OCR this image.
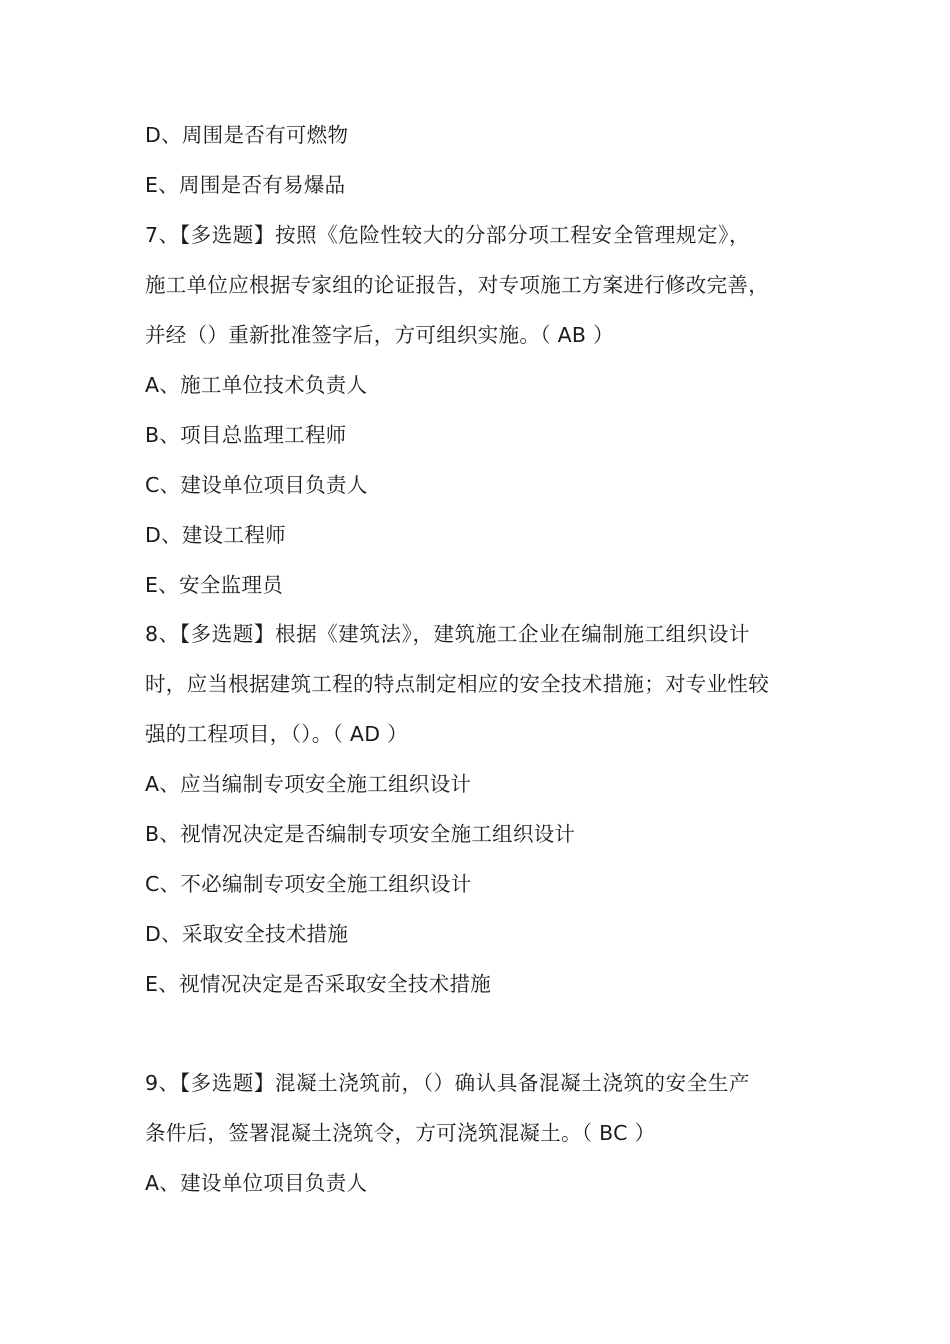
D、周围是否有可燃物
E、周围是否有易爆品
7、【多选题】按照《危险性较大的分部分项工程安全管理规定》，
施工单位应根据专家组的论证报告，对专项施工方案进行修改完善，
并经（）重新批准签字后，方可组织实施。（ AB ）
A、施工单位技术负责人
B、项目总监理工程师
C、建设单位项目负责人
D、建设工程师
E、安全监理员
8、【多选题】根据《建筑法》，建筑施工企业在编制施工组织设计
时，应当根据建筑工程的特点制定相应的安全技术措施；对专业性较
强的工程项目，（）。（ AD ）
A、应当编制专项安全施工组织设计
B、视情况决定是否编制专项安全施工组织设计
C、不必编制专项安全施工组织设计
D、采取安全技术措施
E、视情况决定是否采取安全技术措施
9、【多选题】混凝土浇筑前，（）确认具备混凝土浇筑的安全生产
条件后，签署混凝土浇筑令，方可浇筑混凝土。（ BC ）
A、建设单位项目负责人
